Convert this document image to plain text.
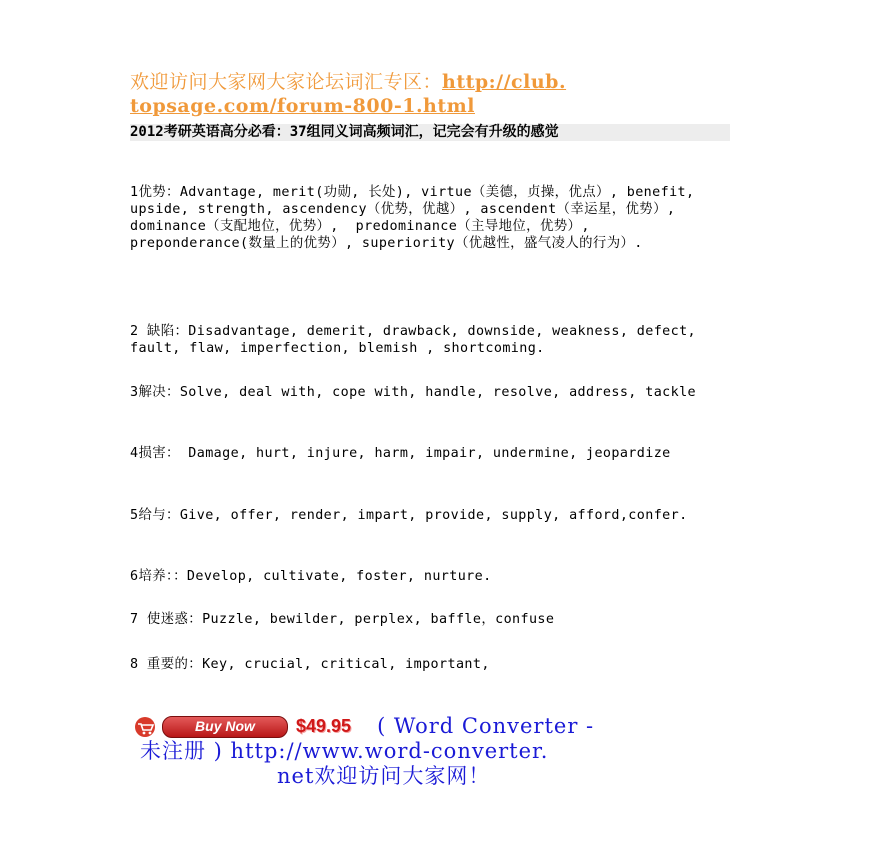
欢迎访问大家网大家论坛词汇专区：http://club.
topsage.com/forum-800-1.html
2012考研英语高分必看：37组同义词高频词汇，记完会有升级的感觉
1优势：Advantage, merit(功勋, 长处), virtue（美德，贞操，优点）, benefit, upside, strength, ascendency（优势，优越）, ascendent（幸运星，优势）, dominance（支配地位，优势）,  predominance（主导地位，优势）, preponderance(数量上的优势）, superiority（优越性，盛气凌人的行为）.
2 缺陷：Disadvantage, demerit, drawback, downside, weakness, defect, fault, flaw, imperfection, blemish , shortcoming.
3解决：Solve, deal with, cope with, handle, resolve, address, tackle
4损害： Damage, hurt, injure, harm, impair, undermine, jeopardize
5给与：Give, offer, render, impart, provide, supply, afford,confer.
6培养：：Develop, cultivate, foster, nurture.
7 使迷惑：Puzzle, bewilder, perplex, baffle，confuse
8 重要的：Key, crucial, critical, important,
Buy Now	$49.95 ( Word Converter -
未注册 ) http://www.word-converter.
net欢迎访问大家网！
